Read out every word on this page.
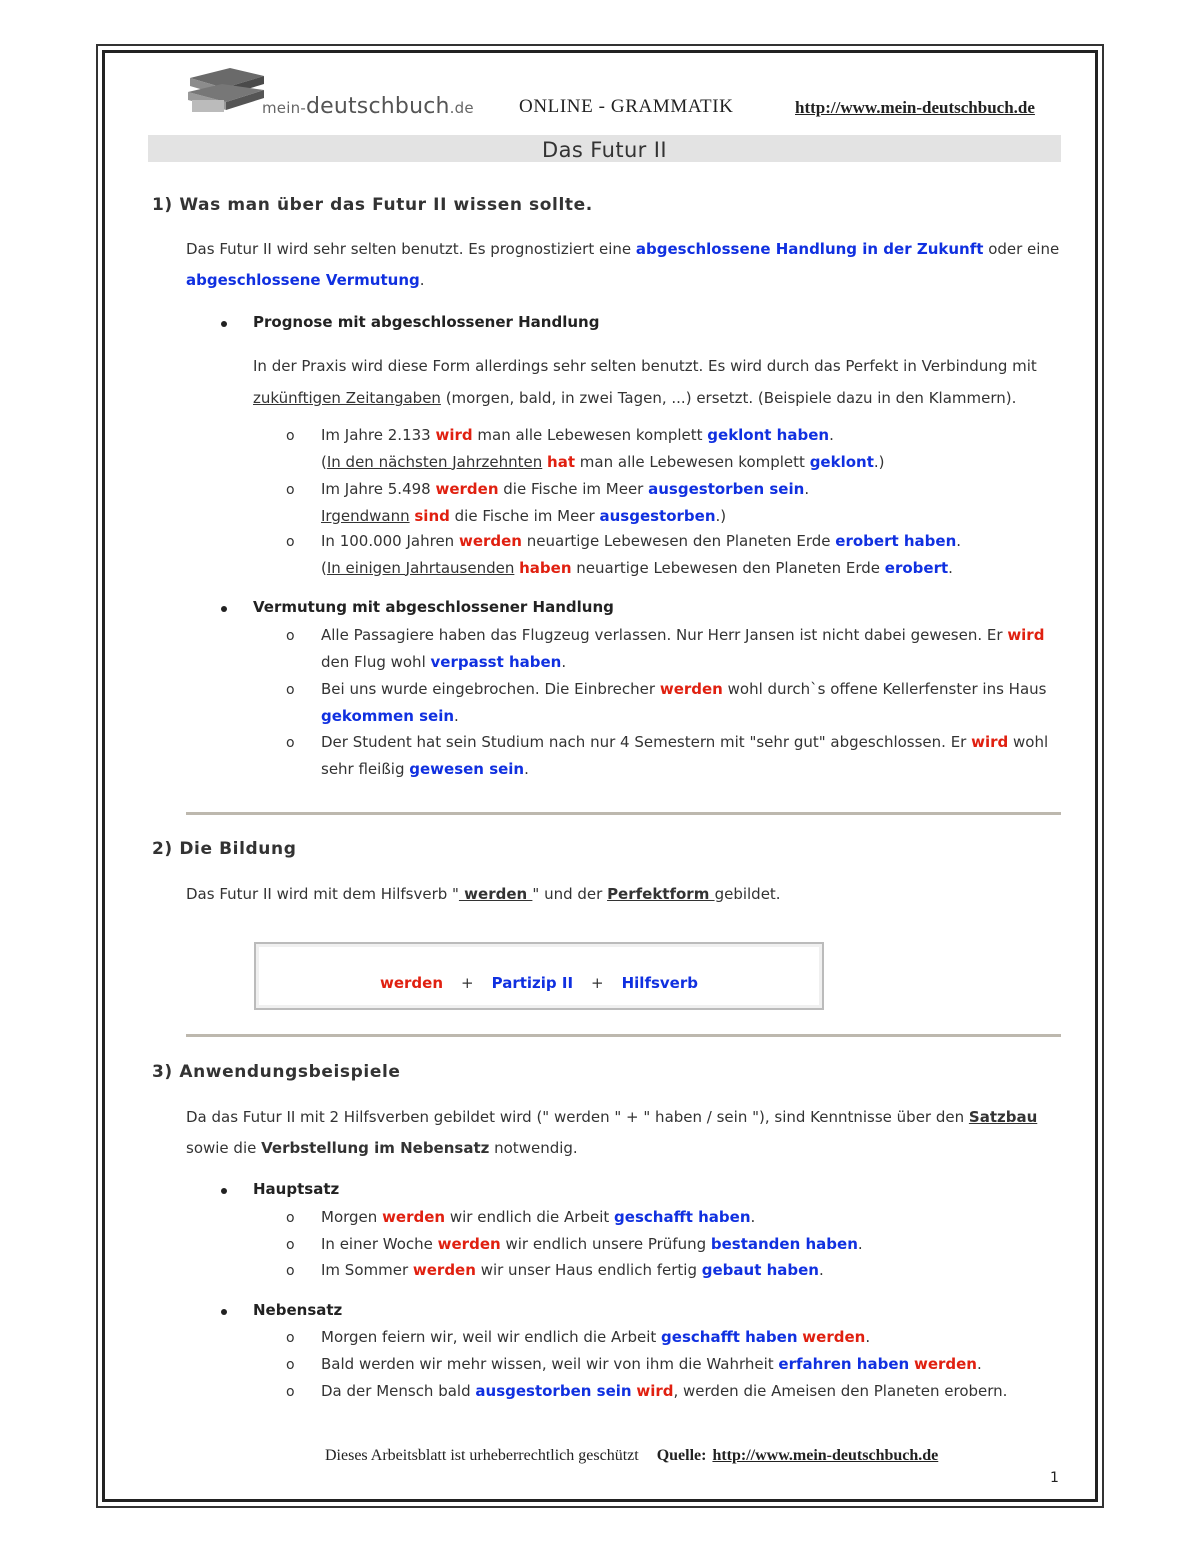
mein-deutschbuch.de ONLINE - GRAMMATIK	http://www.mein-deutschbuch.de
Das Futur II
1) Was man über das Futur II wissen sollte.
Das Futur II wird sehr selten benutzt. Es prognostiziert eine abgeschlossene Handlung in der Zukunft oder eine abgeschlossene Vermutung.
Prognose mit abgeschlossener Handlung
In der Praxis wird diese Form allerdings sehr selten benutzt. Es wird durch das Perfekt in Verbindung mit zukünftigen Zeitangaben (morgen, bald, in zwei Tagen, ...) ersetzt. (Beispiele dazu in den Klammern).
o Im Jahre 2.133 wird man alle Lebewesen komplett geklont haben.
(In den nächsten Jahrzehnten hat man alle Lebewesen komplett geklont.)
o Im Jahre 5.498 werden die Fische im Meer ausgestorben sein.
Irgendwann sind die Fische im Meer ausgestorben.)
o In 100.000 Jahren werden neuartige Lebewesen den Planeten Erde erobert haben.
(In einigen Jahrtausenden haben neuartige Lebewesen den Planeten Erde erobert.
Vermutung mit abgeschlossener Handlung
o Alle Passagiere haben das Flugzeug verlassen. Nur Herr Jansen ist nicht dabei gewesen. Er wird den Flug wohl verpasst haben.
o Bei uns wurde eingebrochen. Die Einbrecher werden wohl durch`s offene Kellerfenster ins Haus gekommen sein.
o Der Student hat sein Studium nach nur 4 Semestern mit "sehr gut" abgeschlossen. Er wird wohl sehr fleißig gewesen sein.
2) Die Bildung
Das Futur II wird mit dem Hilfsverb " werden " und der Perfektform gebildet.
werden + Partizip II + Hilfsverb
3) Anwendungsbeispiele
Da das Futur II mit 2 Hilfsverben gebildet wird (" werden " + " haben / sein "), sind Kenntnisse über den Satzbau sowie die Verbstellung im Nebensatz notwendig.
Hauptsatz
o Morgen werden wir endlich die Arbeit geschafft haben.
o In einer Woche werden wir endlich unsere Prüfung bestanden haben.
o Im Sommer werden wir unser Haus endlich fertig gebaut haben.
Nebensatz
o Morgen feiern wir, weil wir endlich die Arbeit geschafft haben werden.
o Bald werden wir mehr wissen, weil wir von ihm die Wahrheit erfahren haben werden.
o Da der Mensch bald ausgestorben sein wird, werden die Ameisen den Planeten erobern.
Dieses Arbeitsblatt ist urheberrechtlich geschützt Quelle: http://www.mein-deutschbuch.de
1
